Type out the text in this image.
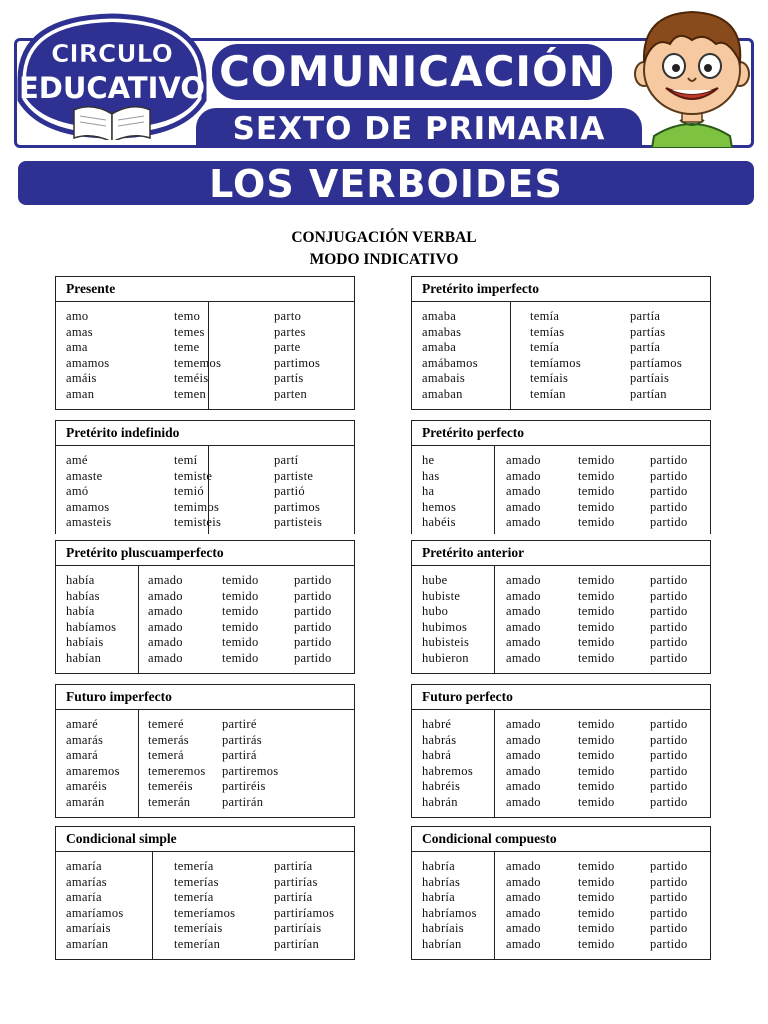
CIRCULO
EDUCATIVO COMUNICACIÓN
SEXTO DE PRIMARIA
LOS VERBOIDES
CONJUGACIÓN VERBAL
MODO INDICATIVO
Presente
amo
amas
ama
amamos
amáis
aman
temo
temes
teme
tememos
teméis
temen
parto
partes
parte
partimos
partís
parten
Pretérito imperfecto
amaba
amabas
amaba
amábamos
amabais
amaban
temía
temías
temía
temíamos
temíais
temían
partía
partías
partía
partíamos
partíais
partían
Pretérito indefinido
amé
amaste
amó
amamos
amasteis
temí
temiste
temió
temimos
temisteis
partí
partiste
partió
partimos
partisteis
Pretérito perfecto
he
has
ha
hemos
habéis
amado
amado
amado
amado
amado
temido
temido
temido
temido
temido
partido
partido
partido
partido
partido
Pretérito pluscuamperfecto
había
habías
había
habíamos
habíais
habían
amado
amado
amado
amado
amado
amado
temido
temido
temido
temido
temido
temido
partido
partido
partido
partido
partido
partido
Pretérito anterior
hube
hubiste
hubo
hubimos
hubisteis
hubieron
amado
amado
amado
amado
amado
amado
temido
temido
temido
temido
temido
temido
partido
partido
partido
partido
partido
partido
Futuro imperfecto
amaré
amarás
amará
amaremos
amaréis
amarán
temeré
temerás
temerá
temeremos
temeréis
temerán
partiré
partirás
partirá
partiremos
partiréis
partirán
Futuro perfecto
habré
habrás
habrá
habremos
habréis
habrán
amado
amado
amado
amado
amado
amado
temido
temido
temido
temido
temido
temido
partido
partido
partido
partido
partido
partido
Condicional simple
amaría
amarías
amaría
amaríamos
amaríais
amarían
temería
temerías
temería
temeríamos
temeríais
temerían
partiría
partirías
partiría
partiríamos
partiríais
partirían
Condicional compuesto
habría
habrías
habría
habríamos
habríais
habrían
amado
amado
amado
amado
amado
amado
temido
temido
temido
temido
temido
temido
partido
partido
partido
partido
partido
partido
